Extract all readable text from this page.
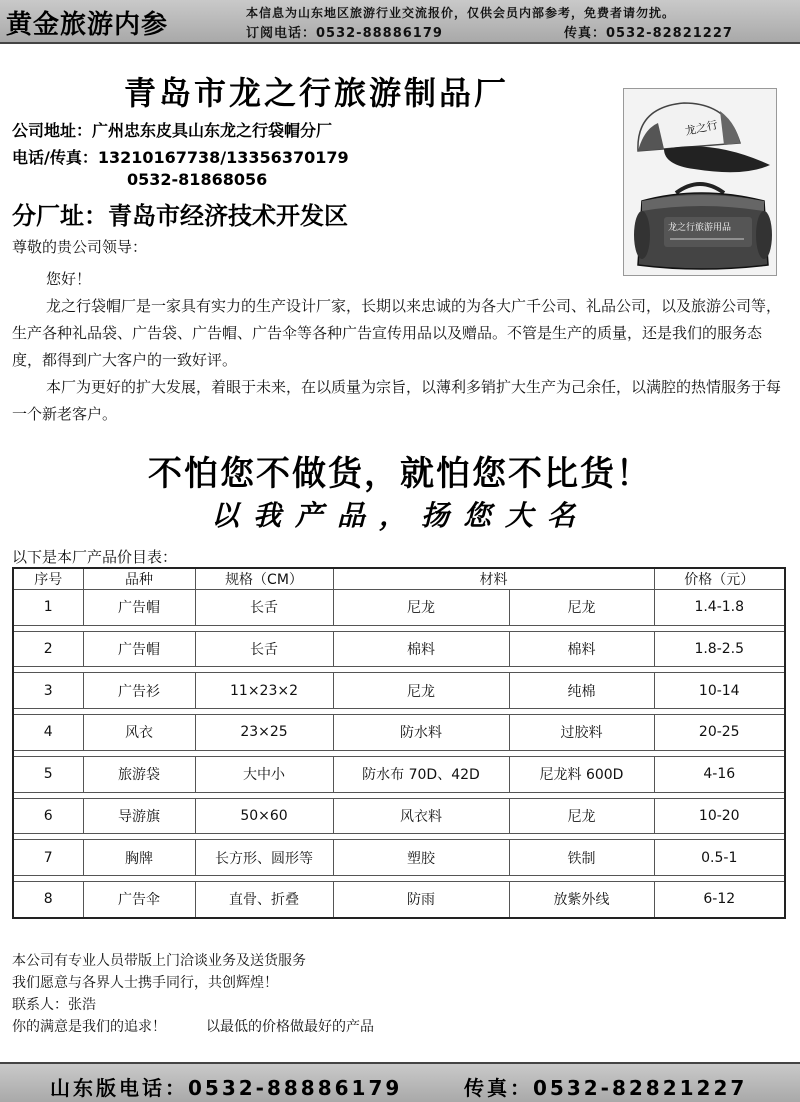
黄金旅游内参	本信息为山东地区旅游行业交流报价，仅供会员内部参考，免费者请勿扰。
订阅电话：0532-88886179	传真：0532-82821227
青岛市龙之行旅游制品厂
公司地址：广州忠东皮具山东龙之行袋帽分厂
电话/传真：13210167738/13356370179
0532-81868056
分厂址：青岛市经济技术开发区
尊敬的贵公司领导：
龙之行
龙之行旅游用品

您好！

龙之行袋帽厂是一家具有实力的生产设计厂家，长期以来忠诚的为各大广千公司、礼品公司，以及旅游公司等，生产各种礼品袋、广告袋、广告帽、广告伞等各种广告宣传用品以及赠品。不管是生产的质量，还是我们的服务态度，都得到广大客户的一致好评。

本厂为更好的扩大发展，着眼于未来，在以质量为宗旨，以薄利多销扩大生产为己余任，以满腔的热情服务于每一个新老客户。

不怕您不做货，就怕您不比货！
以我产品，扬您大名
以下是本厂产品价目表：
序号	品种	规格（CM）	材料		价格（元）
1	广告帽	长舌	尼龙	尼龙	1.4-1.8

2	广告帽	长舌	棉料	棉料	1.8-2.5

3	广告衫	11×23×2	尼龙	纯棉	10-14

4	风衣	23×25	防水料	过胶料	20-25

5	旅游袋	大中小	防水布 70D、42D	尼龙料 600D	4-16

6	导游旗	50×60	风衣料	尼龙	10-20

7	胸牌	长方形、圆形等	塑胶	铁制	0.5-1

8	广告伞	直骨、折叠	防雨	放紫外线	6-12
本公司有专业人员带版上门洽谈业务及送货服务
我们愿意与各界人士携手同行，共创辉煌！
联系人：张浩
你的满意是我们的追求！	以最低的价格做最好的产品
山东版电话：0532-88886179	传真：0532-82821227
